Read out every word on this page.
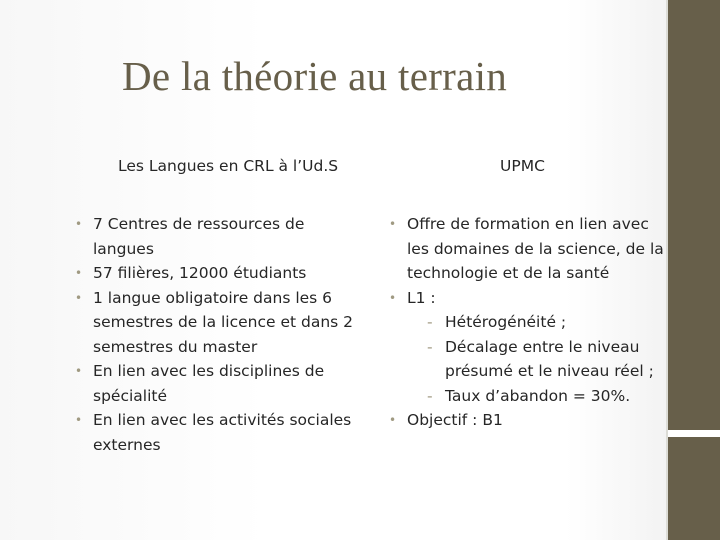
De la théorie au terrain
Les Langues en CRL à l’Ud.S	UPMC
• 7 Centres de ressources de langues
• 57 filières, 12000 étudiants
• 1 langue obligatoire dans les 6 semestres de la licence et dans 2 semestres du master
• En lien avec les disciplines de spécialité
• En lien avec les activités sociales externes
• Offre de formation en lien avec les domaines de la science, de la technologie et de la santé
• L1 :
- Hétérogénéité ;
- Décalage entre le niveau présumé et le niveau réel ;
- Taux d’abandon = 30%.
• Objectif : B1
